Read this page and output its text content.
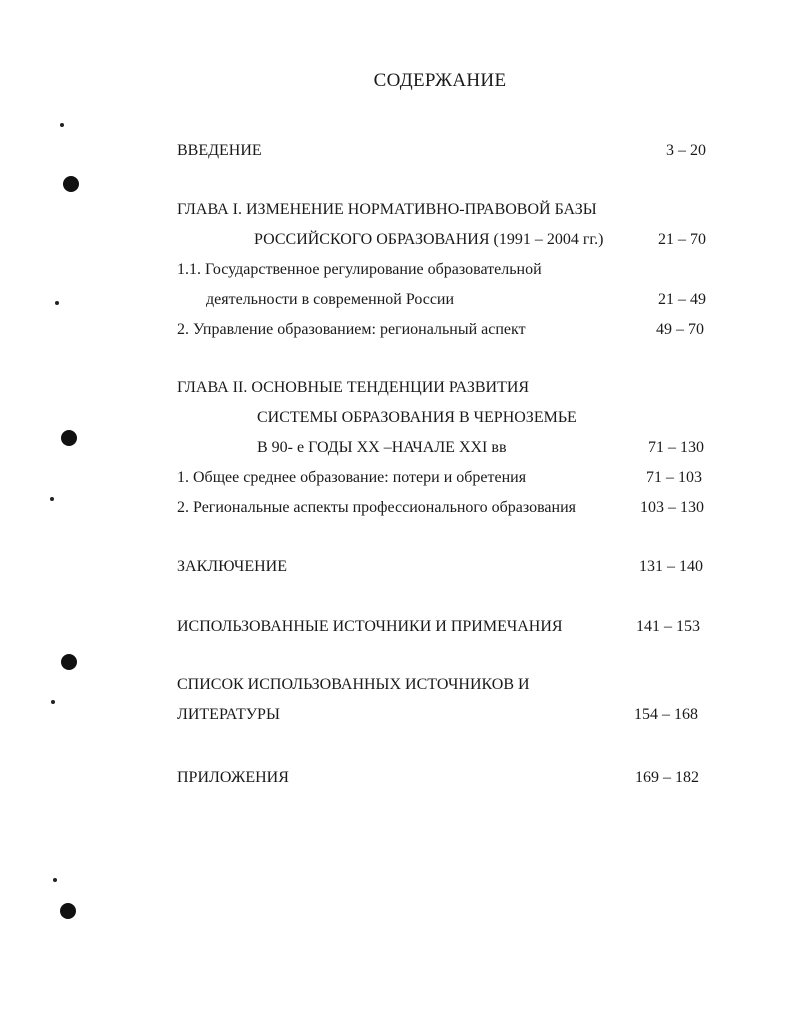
СОДЕРЖАНИЕ
ВВЕДЕНИЕ	3 – 20
ГЛАВА I. ИЗМЕНЕНИЕ НОРМАТИВНО-ПРАВОВОЙ БАЗЫ
РОССИЙСКОГО ОБРАЗОВАНИЯ (1991 – 2004 гг.)	21 – 70
1.1. Государственное регулирование образовательной
деятельности в современной России	21 – 49
2. Управление образованием: региональный аспект	49 – 70
ГЛАВА II. ОСНОВНЫЕ ТЕНДЕНЦИИ РАЗВИТИЯ
СИСТЕМЫ ОБРАЗОВАНИЯ В ЧЕРНОЗЕМЬЕ
В 90- е ГОДЫ XX –НАЧАЛЕ XXI вв	71 – 130
1. Общее среднее образование: потери и обретения	71 – 103
2. Региональные аспекты профессионального образования	103 – 130
ЗАКЛЮЧЕНИЕ	131 – 140
ИСПОЛЬЗОВАННЫЕ ИСТОЧНИКИ И ПРИМЕЧАНИЯ	141 – 153
СПИСОК ИСПОЛЬЗОВАННЫХ ИСТОЧНИКОВ И
ЛИТЕРАТУРЫ	154 – 168
ПРИЛОЖЕНИЯ	169 – 182
